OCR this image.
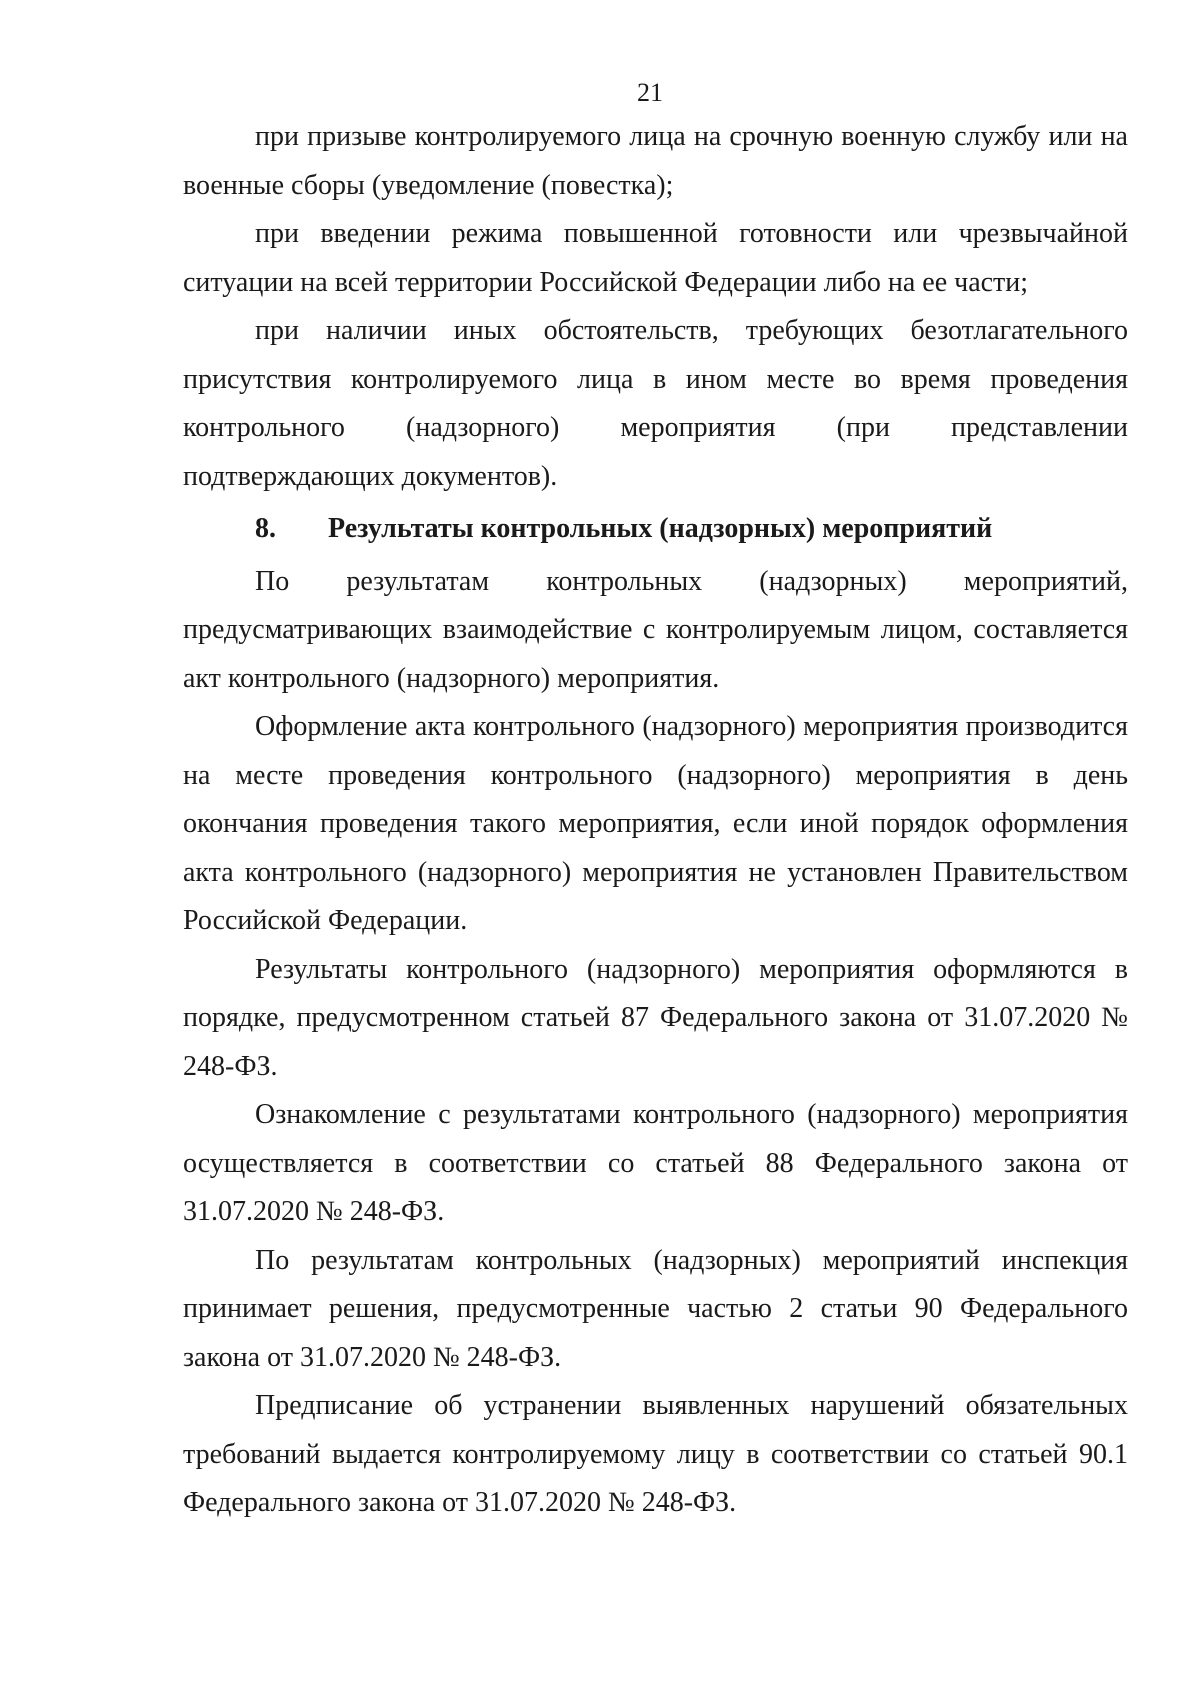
21

при призыве контролируемого лица на срочную военную службу или на военные сборы (уведомление (повестка);

при введении режима повышенной готовности или чрезвычайной ситуации на всей территории Российской Федерации либо на ее части;

при наличии иных обстоятельств, требующих безотлагательного присутствия контролируемого лица в ином месте во время проведения контрольного (надзорного) мероприятия (при представлении подтверждающих документов).

8. Результаты контрольных (надзорных) мероприятий

По результатам контрольных (надзорных) мероприятий, предусматривающих взаимодействие с контролируемым лицом, составляется акт контрольного (надзорного) мероприятия.

Оформление акта контрольного (надзорного) мероприятия производится на месте проведения контрольного (надзорного) мероприятия в день окончания проведения такого мероприятия, если иной порядок оформления акта контрольного (надзорного) мероприятия не установлен Правительством Российской Федерации.

Результаты контрольного (надзорного) мероприятия оформляются в порядке, предусмотренном статьей 87 Федерального закона от 31.07.2020 № 248-ФЗ.

Ознакомление с результатами контрольного (надзорного) мероприятия осуществляется в соответствии со статьей 88 Федерального закона от 31.07.2020 № 248-ФЗ.

По результатам контрольных (надзорных) мероприятий инспекция принимает решения, предусмотренные частью 2 статьи 90 Федерального закона от 31.07.2020 № 248-ФЗ.

Предписание об устранении выявленных нарушений обязательных требований выдается контролируемому лицу в соответствии со статьей 90.1 Федерального закона от 31.07.2020 № 248-ФЗ.
